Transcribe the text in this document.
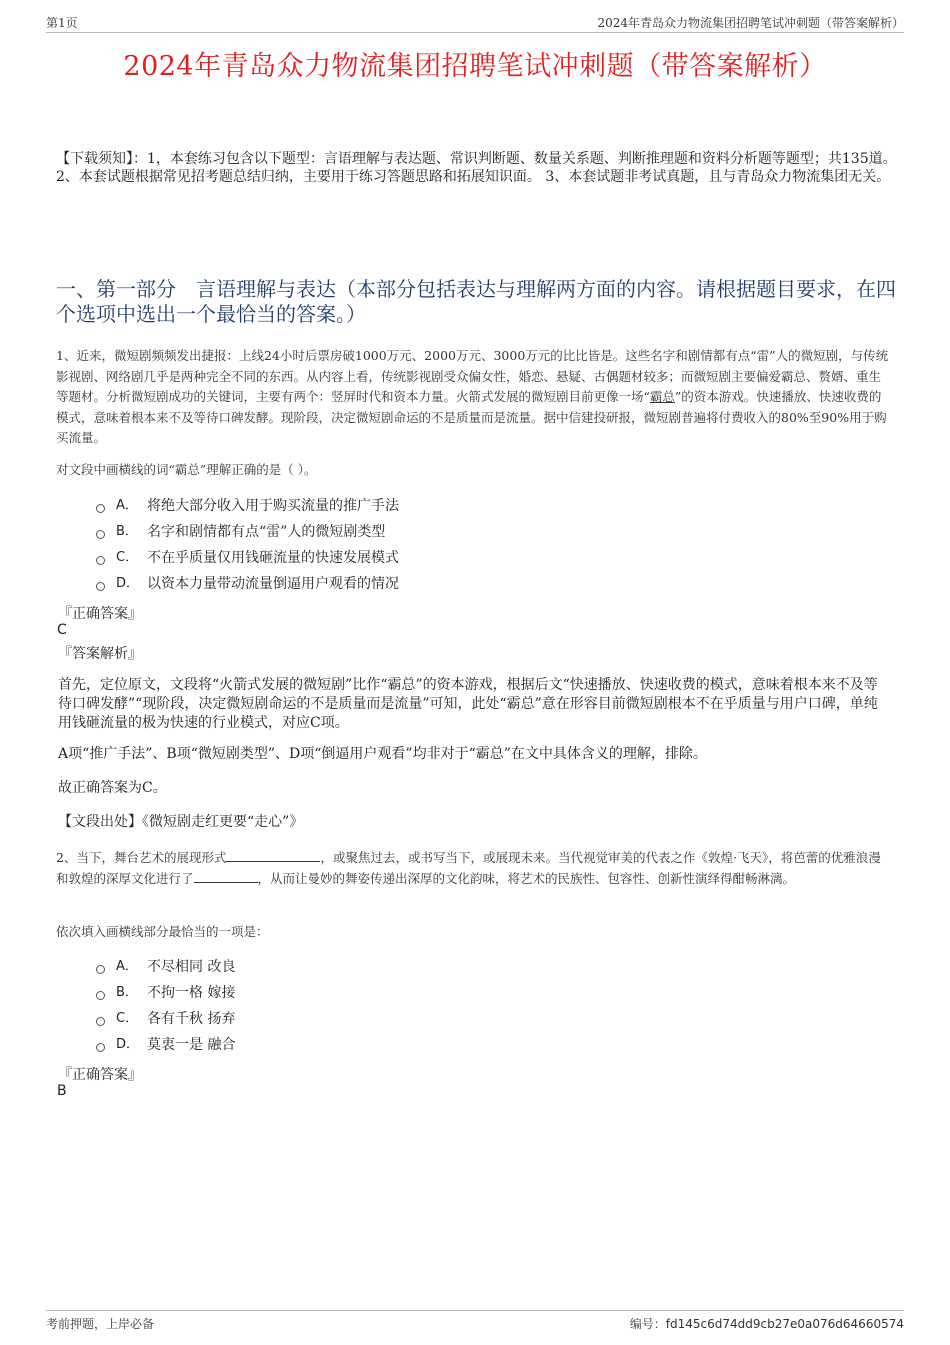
第1页	2024年青岛众力物流集团招聘笔试冲刺题（带答案解析）
2024年青岛众力物流集团招聘笔试冲刺题（带答案解析）
【下载须知】：1，本套练习包含以下题型：言语理解与表达题、常识判断题、数量关系题、判断推理题和资料分析题等题型；共135道。 2、本套试题根据常见招考题总结归纳，主要用于练习答题思路和拓展知识面。 3、本套试题非考试真题，且与青岛众力物流集团无关。
一、第一部分　言语理解与表达（本部分包括表达与理解两方面的内容。请根据题目要求，在四个选项中选出一个最恰当的答案。）
1、近来，微短剧频频发出捷报：上线24小时后票房破1000万元、2000万元、3000万元的比比皆是。这些名字和剧情都有点“雷”人的微短剧，与传统影视剧、网络剧几乎是两种完全不同的东西。从内容上看，传统影视剧受众偏女性，婚恋、悬疑、古偶题材较多；而微短剧主要偏爱霸总、赘婿、重生等题材。分析微短剧成功的关键词，主要有两个：竖屏时代和资本力量。火箭式发展的微短剧目前更像一场“霸总”的资本游戏。快速播放、快速收费的模式，意味着根本来不及等待口碑发酵。现阶段，决定微短剧命运的不是质量而是流量。据中信建投研报，微短剧普遍将付费收入的80%至90%用于购买流量。
对文段中画横线的词“霸总”理解正确的是（ ）。
A． 将绝大部分收入用于购买流量的推广手法
B． 名字和剧情都有点“雷”人的微短剧类型
C． 不在乎质量仅用钱砸流量的快速发展模式
D． 以资本力量带动流量倒逼用户观看的情况
『正确答案』
C
『答案解析』
首先，定位原文，文段将“火箭式发展的微短剧”比作“霸总”的资本游戏，根据后文“快速播放、快速收费的模式，意味着根本来不及等待口碑发酵”“现阶段，决定微短剧命运的不是质量而是流量”可知，此处“霸总”意在形容目前微短剧根本不在乎质量与用户口碑，单纯用钱砸流量的极为快速的行业模式，对应C项。
A项“推广手法”、B项“微短剧类型”、D项“倒逼用户观看”均非对于“霸总”在文中具体含义的理解，排除。
故正确答案为C。
【文段出处】《微短剧走红更要“走心”》
2、当下，舞台艺术的展现形式	，或聚焦过去，或书写当下，或展现未来。当代视觉审美的代表之作《敦煌·飞天》，将芭蕾的优雅浪漫和敦煌的深厚文化进行了	，从而让曼妙的舞姿传递出深厚的文化韵味，将艺术的民族性、包容性、创新性演绎得酣畅淋漓。
依次填入画横线部分最恰当的一项是：
A． 不尽相同 改良
B． 不拘一格 嫁接
C． 各有千秋 扬弃
D． 莫衷一是 融合
『正确答案』
B
考前押题，上岸必备	编号：fd145c6d74dd9cb27e0a076d64660574
